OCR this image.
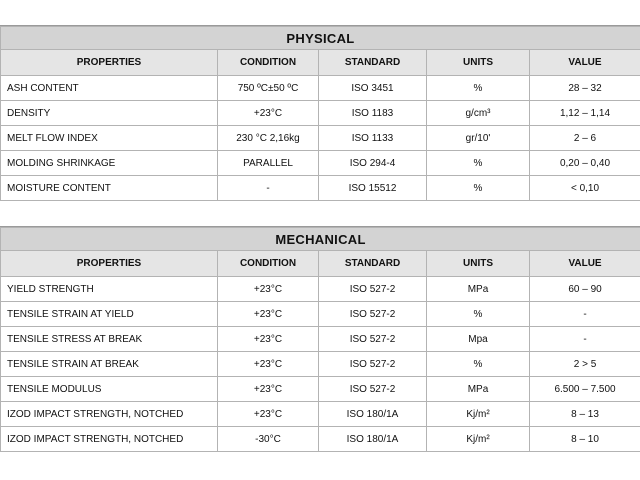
PHYSICAL				
PROPERTIES	CONDITION	STANDARD	UNITS	VALUE
ASH CONTENT	750 ºC±50 ºC	ISO 3451	%	28 – 32
DENSITY	+23°C	ISO 1183	g/cm³	1,12 – 1,14
MELT FLOW INDEX	230 °C 2,16kg	ISO 1133	gr/10'	2 – 6
MOLDING SHRINKAGE	PARALLEL	ISO 294-4	%	0,20 – 0,40
MOISTURE CONTENT	-	ISO 15512	%	< 0,10
MECHANICAL				
PROPERTIES	CONDITION	STANDARD	UNITS	VALUE
YIELD STRENGTH	+23°C	ISO 527-2	MPa	60 – 90
TENSILE STRAIN AT YIELD	+23°C	ISO 527-2	%	-
TENSILE STRESS AT BREAK	+23°C	ISO 527-2	Mpa	-
TENSILE STRAIN AT BREAK	+23°C	ISO 527-2	%	2 > 5
TENSILE MODULUS	+23°C	ISO 527-2	MPa	6.500 – 7.500
IZOD IMPACT STRENGTH, NOTCHED	+23°C	ISO 180/1A	Kj/m²	8 – 13
IZOD IMPACT STRENGTH, NOTCHED	-30°C	ISO 180/1A	Kj/m²	8 – 10
